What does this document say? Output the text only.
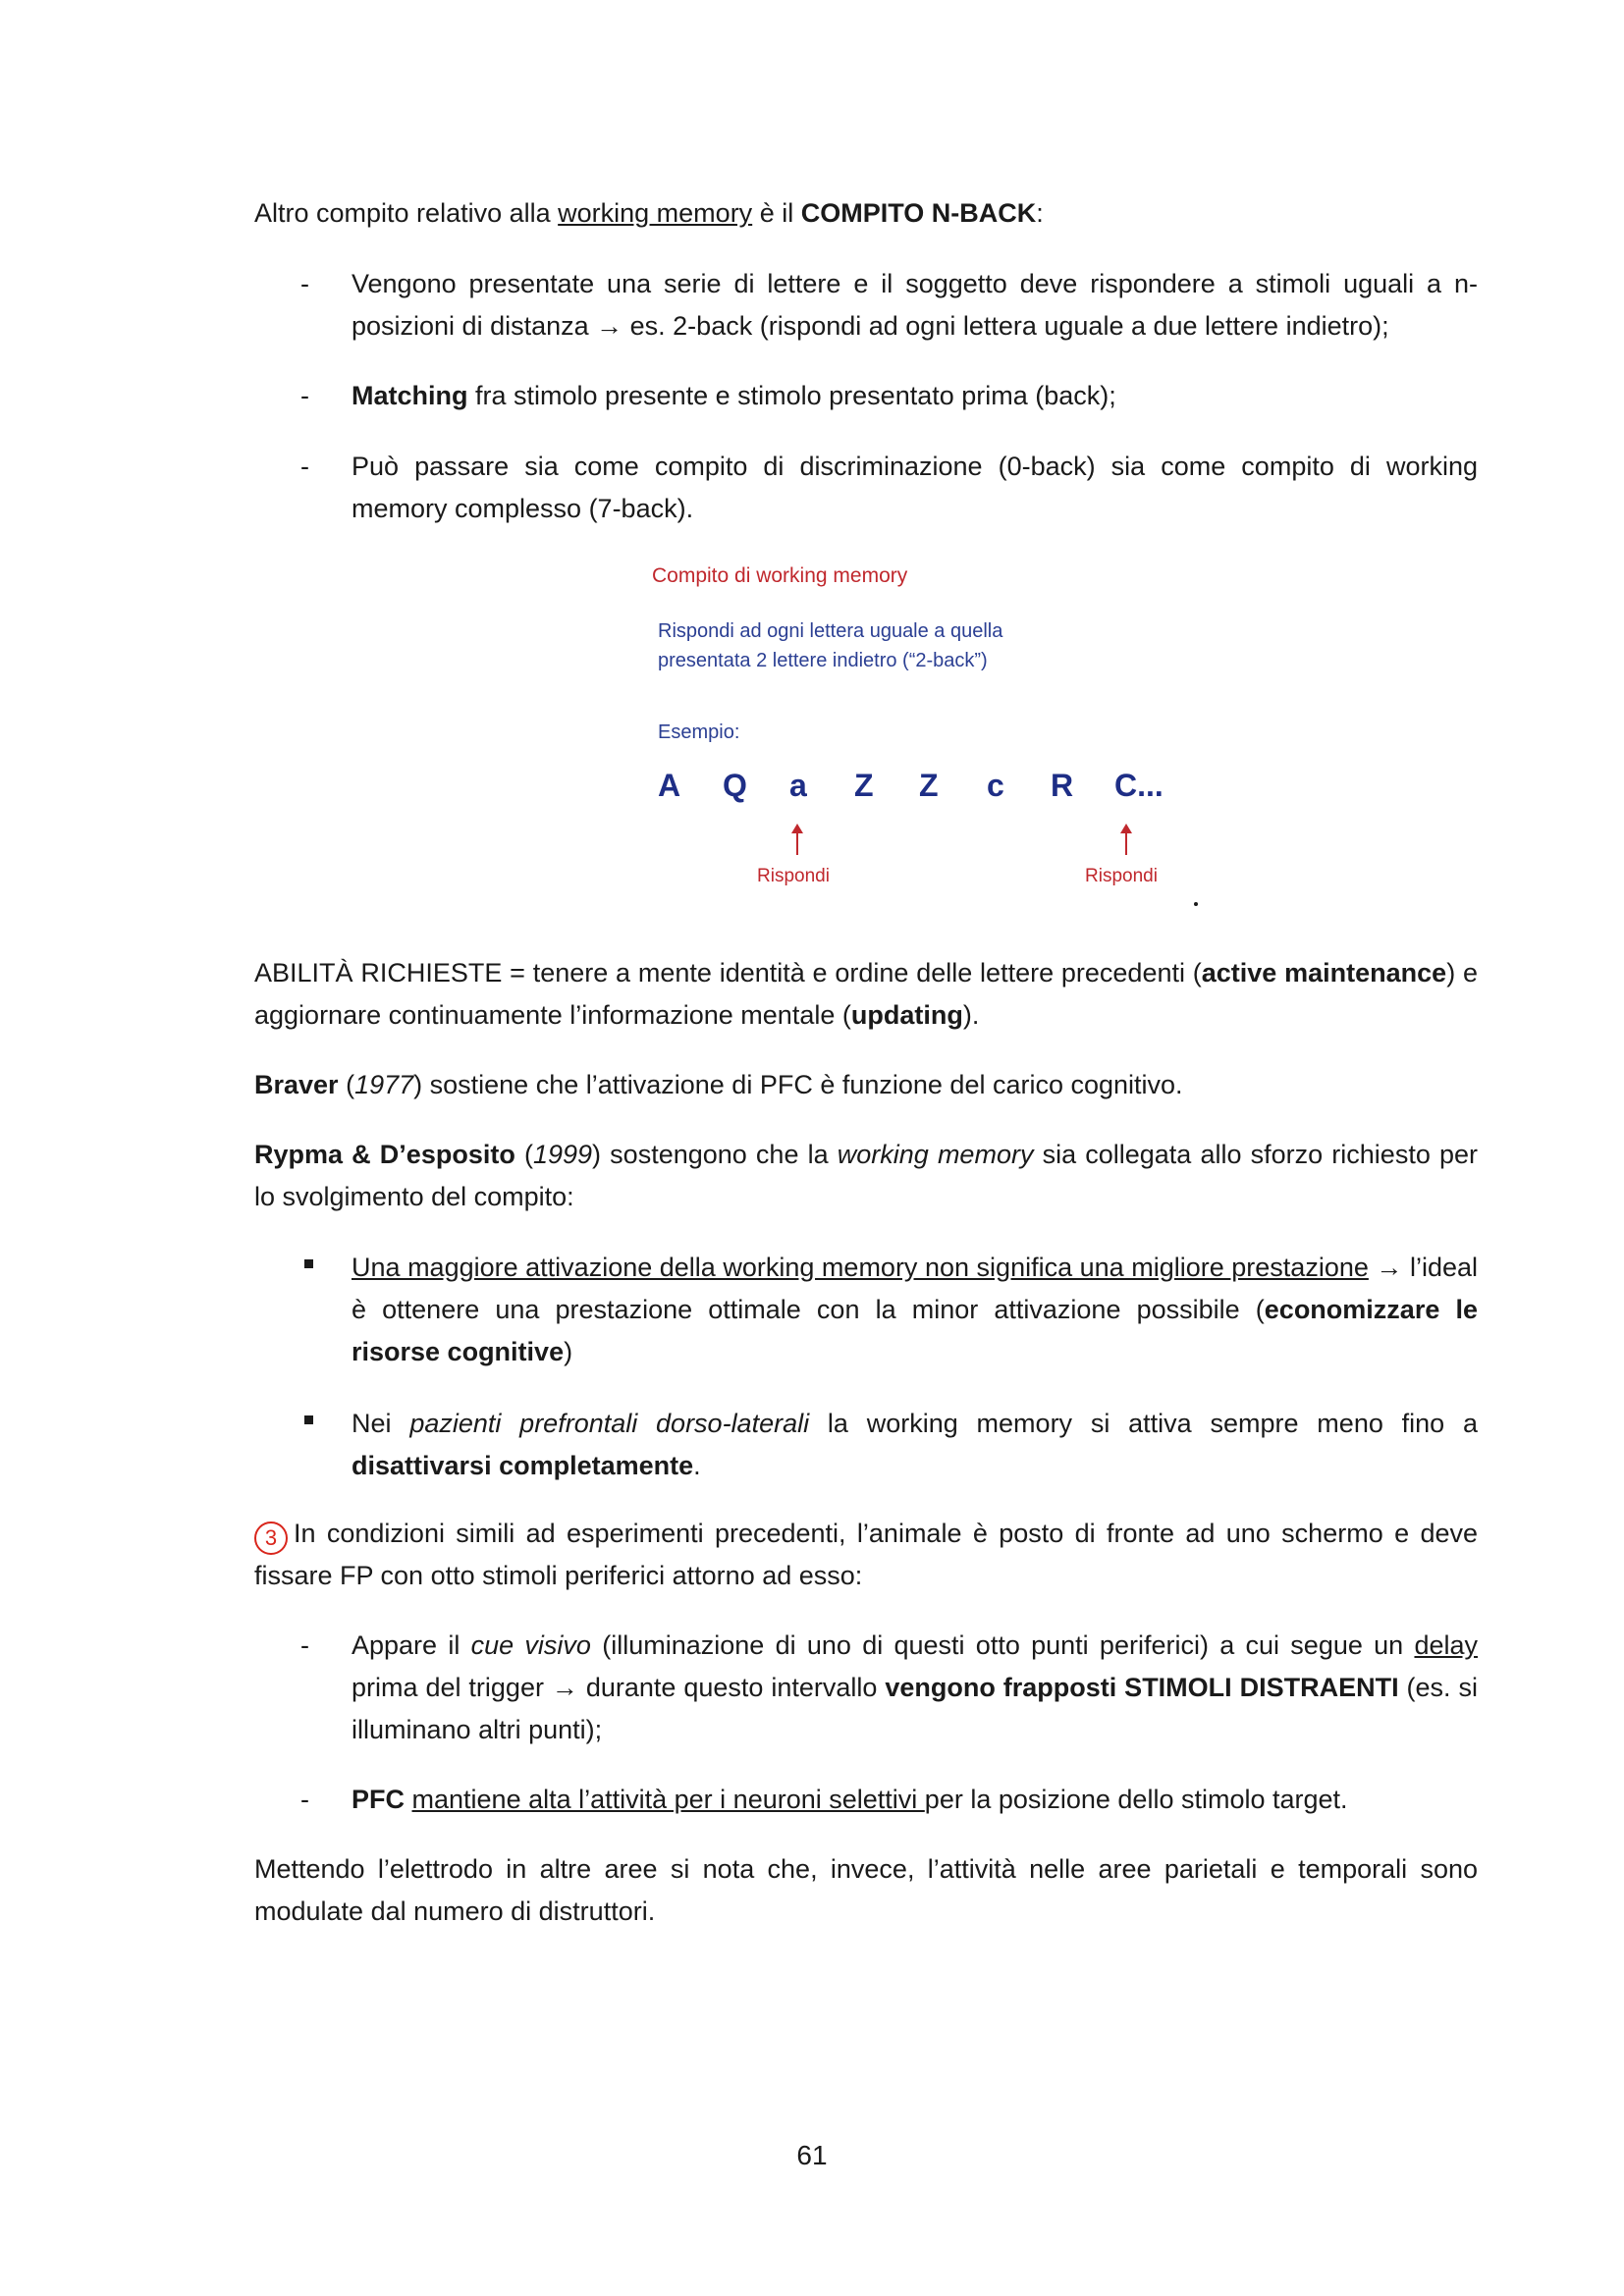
Altro compito relativo alla working memory è il COMPITO N-BACK:
- Vengono presentate una serie di lettere e il soggetto deve rispondere a stimoli uguali a n-posizioni di distanza → es. 2-back (rispondi ad ogni lettera uguale a due lettere indietro);
- Matching fra stimolo presente e stimolo presentato prima (back);
- Può passare sia come compito di discriminazione (0-back) sia come compito di working memory complesso (7-back).
Compito di working memory
Rispondi ad ogni lettera uguale a quella presentata 2 lettere indietro (“2-back”)
Esempio:
A Q a Z Z c R C...
Rispondi	Rispondi
ABILITÀ RICHIESTE = tenere a mente identità e ordine delle lettere precedenti (active maintenance) e aggiornare continuamente l’informazione mentale (updating).
Braver (1977) sostiene che l’attivazione di PFC è funzione del carico cognitivo.
Rypma & D’esposito (1999) sostengono che la working memory sia collegata allo sforzo richiesto per lo svolgimento del compito:
Una maggiore attivazione della working memory non significa una migliore prestazione → l’ideal è ottenere una prestazione ottimale con la minor attivazione possibile (economizzare le risorse cognitive)
Nei pazienti prefrontali dorso-laterali la working memory si attiva sempre meno fino a disattivarsi completamente.
3 In condizioni simili ad esperimenti precedenti, l’animale è posto di fronte ad uno schermo e deve fissare FP con otto stimoli periferici attorno ad esso:
- Appare il cue visivo (illuminazione di uno di questi otto punti periferici) a cui segue un delay prima del trigger → durante questo intervallo vengono frapposti STIMOLI DISTRAENTI (es. si illuminano altri punti);
- PFC mantiene alta l’attività per i neuroni selettivi per la posizione dello stimolo target.
Mettendo l’elettrodo in altre aree si nota che, invece, l’attività nelle aree parietali e temporali sono modulate dal numero di distruttori.
61
